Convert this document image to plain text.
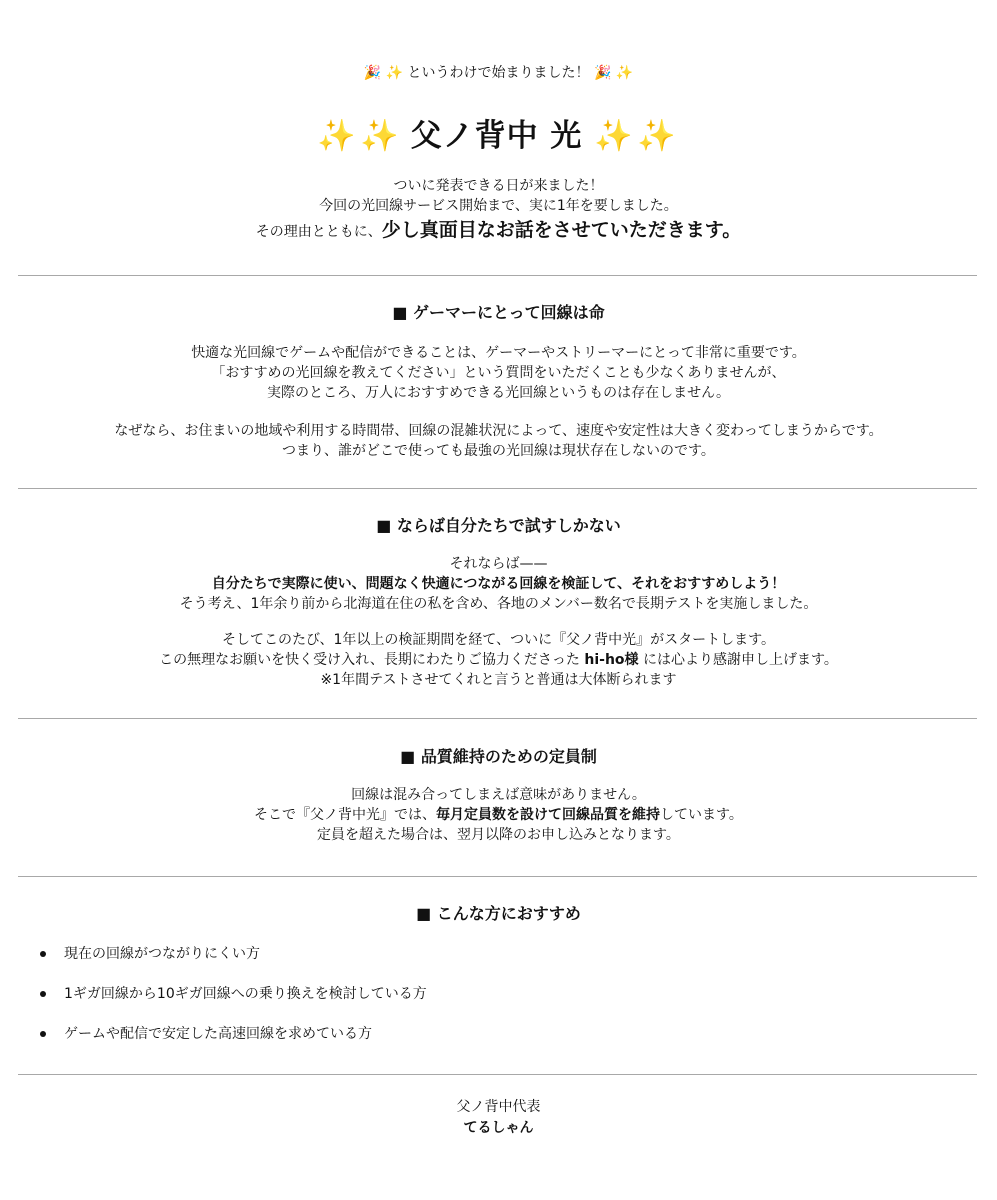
🎉 ✨ というわけで始まりました！ 🎉 ✨
✨✨ 父ノ背中 光 ✨✨
ついに発表できる日が来ました！
今回の光回線サービス開始まで、実に1年を要しました。
その理由とともに、少し真面目なお話をさせていただきます。
■ ゲーマーにとって回線は命

快適な光回線でゲームや配信ができることは、ゲーマーやストリーマーにとって非常に重要です。

「おすすめの光回線を教えてください」という質問をいただくことも少なくありませんが、

実際のところ、万人におすすめできる光回線というものは存在しません。

なぜなら、お住まいの地域や利用する時間帯、回線の混雑状況によって、速度や安定性は大きく変わってしまうからです。

つまり、誰がどこで使っても最強の光回線は現状存在しないのです。

■ ならば自分たちで試すしかない

それならば——

自分たちで実際に使い、問題なく快適につながる回線を検証して、それをおすすめしよう！

そう考え、1年余り前から北海道在住の私を含め、各地のメンバー数名で長期テストを実施しました。

そしてこのたび、1年以上の検証期間を経て、ついに『父ノ背中光』がスタートします。

この無理なお願いを快く受け入れ、長期にわたりご協力くださった hi-ho様 には心より感謝申し上げます。

※1年間テストさせてくれと言うと普通は大体断られます

■ 品質維持のための定員制

回線は混み合ってしまえば意味がありません。

そこで『父ノ背中光』では、毎月定員数を設けて回線品質を維持しています。

定員を超えた場合は、翌月以降のお申し込みとなります。

■ こんな方におすすめ
現在の回線がつながりにくい方
1ギガ回線から10ギガ回線への乗り換えを検討している方
ゲームや配信で安定した高速回線を求めている方
父ノ背中代表
てるしゃん
